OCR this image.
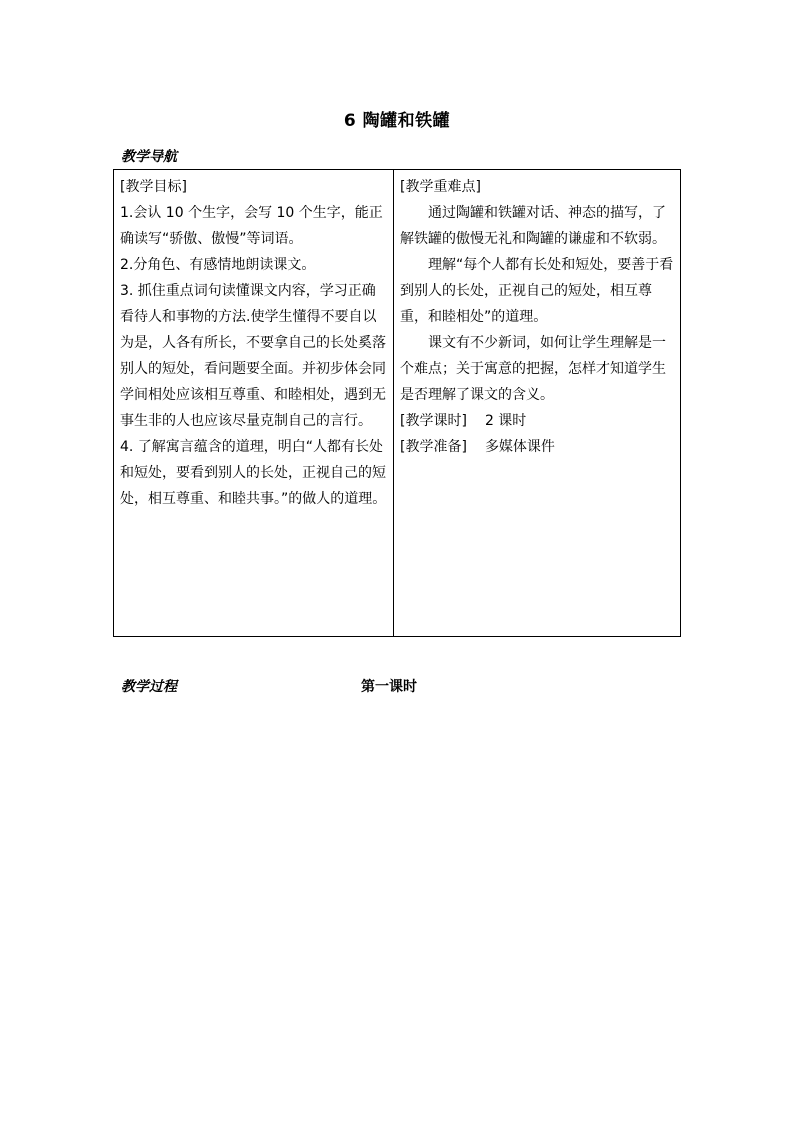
6 陶罐和铁罐
教学导航

[教学目标]

1.会认 10 个生字，会写 10 个生字，能正确读写“骄傲、傲慢”等词语。

2.分角色、有感情地朗读课文。

3. 抓住重点词句读懂课文内容，学习正确看待人和事物的方法.使学生懂得不要自以为是，人各有所长，不要拿自己的长处奚落别人的短处，看问题要全面。并初步体会同学间相处应该相互尊重、和睦相处，遇到无事生非的人也应该尽量克制自己的言行。

4. 了解寓言蕴含的道理，明白“人都有长处和短处，要看到别人的长处，正视自己的短处，相互尊重、和睦共事。”的做人的道理。

[教学重难点]

通过陶罐和铁罐对话、神态的描写，了解铁罐的傲慢无礼和陶罐的谦虚和不软弱。

理解“每个人都有长处和短处，要善于看到别人的长处，正视自己的短处，相互尊重，和睦相处”的道理。

课文有不少新词，如何让学生理解是一个难点；关于寓意的把握，怎样才知道学生是否理解了课文的含义。

[教学课时] 2 课时

[教学准备] 多媒体课件

教学过程	第一课时
